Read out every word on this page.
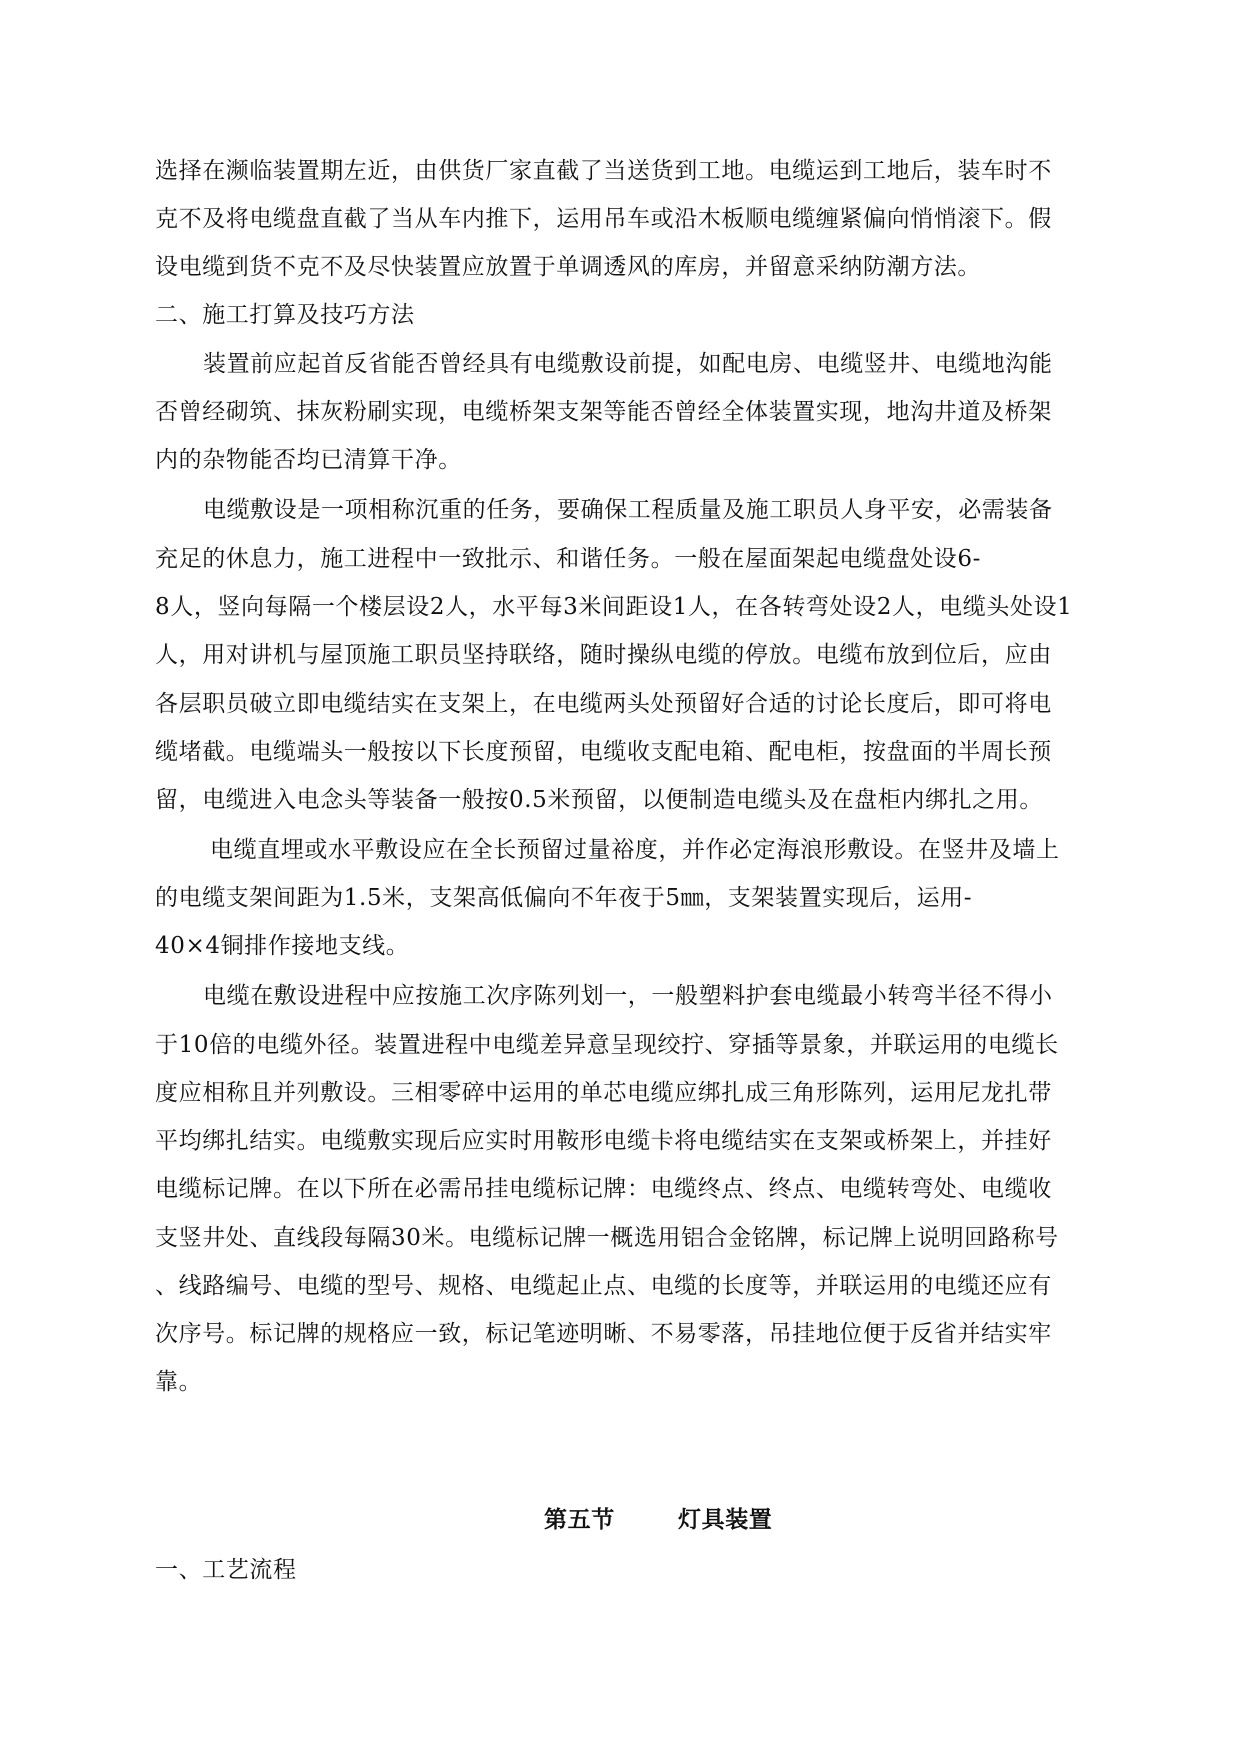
选择在濒临装置期左近，由供货厂家直截了当送货到工地。电缆运到工地后，装车时不
克不及将电缆盘直截了当从车内推下，运用吊车或沿木板顺电缆缠紧偏向悄悄滚下。假
设电缆到货不克不及尽快装置应放置于单调透风的库房，并留意采纳防潮方法。
二、施工打算及技巧方法
装置前应起首反省能否曾经具有电缆敷设前提，如配电房、电缆竖井、电缆地沟能
否曾经砌筑、抹灰粉刷实现，电缆桥架支架等能否曾经全体装置实现，地沟井道及桥架
内的杂物能否均已清算干净。
电缆敷设是一项相称沉重的任务，要确保工程质量及施工职员人身平安，必需装备
充足的休息力，施工进程中一致批示、和谐任务。一般在屋面架起电缆盘处设6-
8人，竖向每隔一个楼层设2人，水平每3米间距设1人，在各转弯处设2人，电缆头处设1
人，用对讲机与屋顶施工职员坚持联络，随时操纵电缆的停放。电缆布放到位后，应由
各层职员破立即电缆结实在支架上，在电缆两头处预留好合适的讨论长度后，即可将电
缆堵截。电缆端头一般按以下长度预留，电缆收支配电箱、配电柜，按盘面的半周长预
留，电缆进入电念头等装备一般按0.5米预留，以便制造电缆头及在盘柜内绑扎之用。
电缆直埋或水平敷设应在全长预留过量裕度，并作必定海浪形敷设。在竖井及墙上
的电缆支架间距为1.5米，支架高低偏向不年夜于5㎜，支架装置实现后，运用-
40×4铜排作接地支线。
电缆在敷设进程中应按施工次序陈列划一，一般塑料护套电缆最小转弯半径不得小
于10倍的电缆外径。装置进程中电缆差异意呈现绞拧、穿插等景象，并联运用的电缆长
度应相称且并列敷设。三相零碎中运用的单芯电缆应绑扎成三角形陈列，运用尼龙扎带
平均绑扎结实。电缆敷实现后应实时用鞍形电缆卡将电缆结实在支架或桥架上，并挂好
电缆标记牌。在以下所在必需吊挂电缆标记牌：电缆终点、终点、电缆转弯处、电缆收
支竖井处、直线段每隔30米。电缆标记牌一概选用铝合金铭牌，标记牌上说明回路称号
、线路编号、电缆的型号、规格、电缆起止点、电缆的长度等，并联运用的电缆还应有
次序号。标记牌的规格应一致，标记笔迹明晰、不易零落，吊挂地位便于反省并结实牢
靠。
第五节	灯具装置
一、工艺流程
